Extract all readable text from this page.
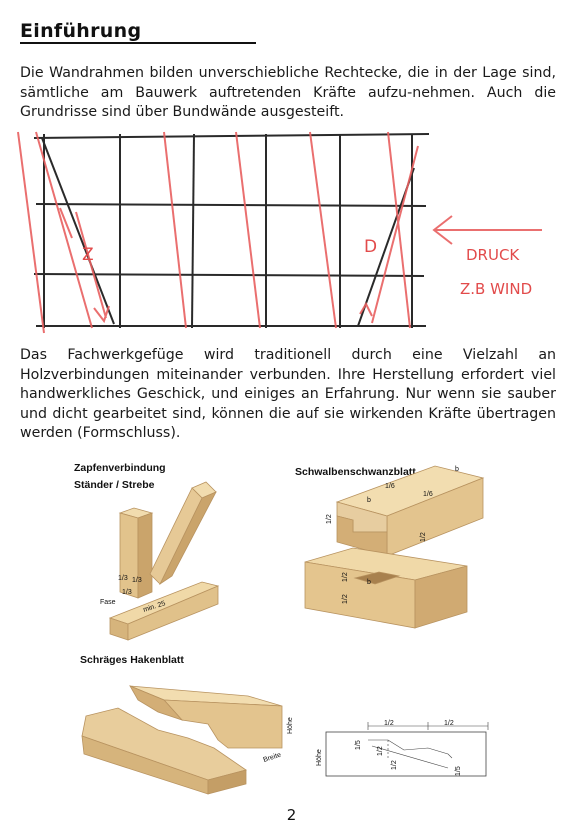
Einführung
Die Wandrahmen bilden unverschiebliche Rechtecke, die in der Lage sind, sämtliche am Bauwerk auftretenden Kräfte aufzu-nehmen. Auch die Grundrisse sind über Bundwände ausgesteift.
Z	D	DRUCK
Z.B WIND
Das Fachwerkgefüge wird traditionell durch eine Vielzahl an Holzverbindungen miteinander verbunden. Ihre Herstellung erfordert viel handwerkliches Geschick, und einiges an Erfahrung. Nur wenn sie sauber und dicht gearbeitet sind, können die auf sie wirkenden Kräfte übertragen werden (Formschluss).
Zapfenverbindung
Ständer / Strebe
1/3 1/3
1/3
Fase	min. 25
Schwalbenschwanzblatt	b
1/6
1/6
b
1/2
1/2
1/2
1/2
b
Schräges Hakenblatt
Höhe
Breite
1/2	1/2
Höhe
1/5
1/2
1/2
1/5
2
